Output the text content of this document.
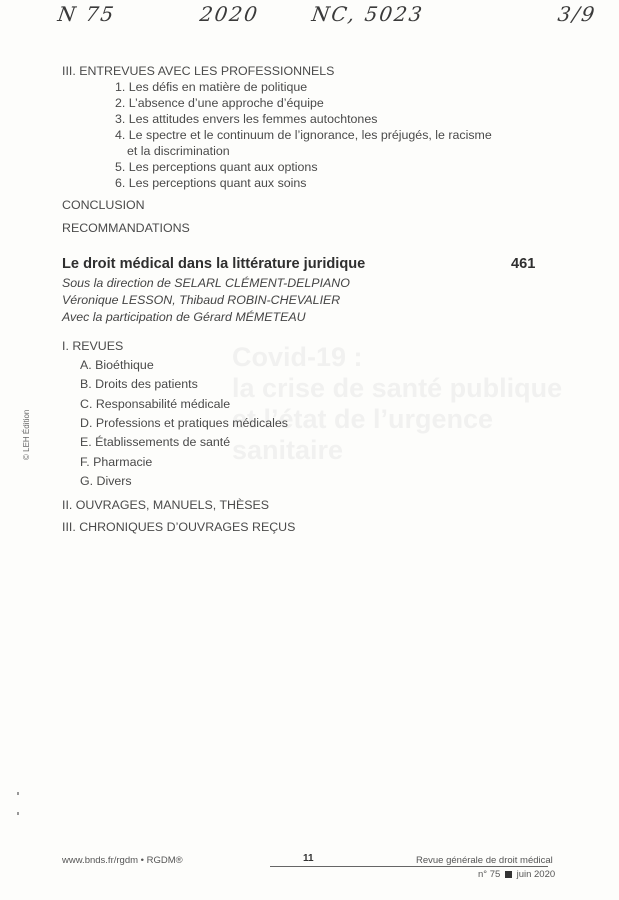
N 75	2020 NC, 5023	3/9
Covid-19 :
la crise de santé publique
et l’état de l’urgence sanitaire
© LEH Édition
III. ENTREVUES AVEC LES PROFESSIONNELS
1. Les défis en matière de politique
2. L’absence d’une approche d’équipe
3. Les attitudes envers les femmes autochtones
4. Le spectre et le continuum de l’ignorance, les préjugés, le racisme
et la discrimination
5. Les perceptions quant aux options
6. Les perceptions quant aux soins
CONCLUSION
RECOMMANDATIONS
Le droit médical dans la littérature juridique	461
Sous la direction de SELARL CLÉMENT-DELPIANO
Véronique LESSON, Thibaud ROBIN-CHEVALIER
Avec la participation de Gérard MÉMETEAU
I. REVUES
A. Bioéthique
B. Droits des patients
C. Responsabilité médicale
D. Professions et pratiques médicales
E. Établissements de santé
F. Pharmacie
G. Divers
II. OUVRAGES, MANUELS, THÈSES
III. CHRONIQUES D’OUVRAGES REÇUS
www.bnds.fr/rgdm • RGDM®	11	Revue générale de droit médical
n° 75 juin 2020
